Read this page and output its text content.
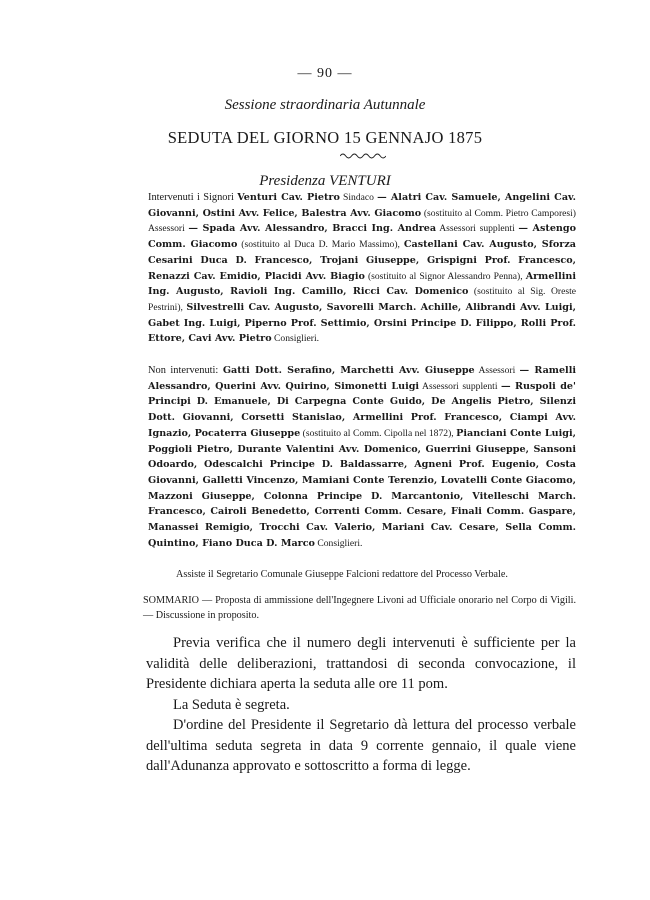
— 90 —
Sessione straordinaria Autunnale
SEDUTA DEL GIORNO 15 GENNAJO 1875
Presidenza VENTURI
Intervenuti i Signori Venturi Cav. Pietro Sindaco — Alatri Cav. Samuele, Angelini Cav. Giovanni, Ostini Avv. Felice, Balestra Avv. Giacomo (sostituito al Comm. Pietro Camporesi) Assessori — Spada Avv. Alessandro, Bracci Ing. Andrea Assessori supplenti — Astengo Comm. Giacomo (sostituito al Duca D. Mario Massimo), Castellani Cav. Augusto, Sforza Cesarini Duca D. Francesco, Trojani Giuseppe, Grispigni Prof. Francesco, Renazzi Cav. Emidio, Placidi Avv. Biagio (sostituito al Signor Alessandro Penna), Armellini Ing. Augusto, Ravioli Ing. Camillo, Ricci Cav. Domenico (sostituito al Sig. Oreste Pestrini), Silvestrelli Cav. Augusto, Savorelli March. Achille, Alibrandi Avv. Luigi, Gabet Ing. Luigi, Piperno Prof. Settimio, Orsini Principe D. Filippo, Rolli Prof. Ettore, Cavi Avv. Pietro Consiglieri.
Non intervenuti: Gatti Dott. Serafino, Marchetti Avv. Giuseppe Assessori — Ramelli Alessandro, Querini Avv. Quirino, Simonetti Luigi Assessori supplenti — Ruspoli de' Principi D. Emanuele, Di Carpegna Conte Guido, De Angelis Pietro, Silenzi Dott. Giovanni, Corsetti Stanislao, Armellini Prof. Francesco, Ciampi Avv. Ignazio, Pocaterra Giuseppe (sostituito al Comm. Cipolla nel 1872), Pianciani Conte Luigi, Poggioli Pietro, Durante Valentini Avv. Domenico, Guerrini Giuseppe, Sansoni Odoardo, Odescalchi Principe D. Baldassarre, Agneni Prof. Eugenio, Costa Giovanni, Galletti Vincenzo, Mamiani Conte Terenzio, Lovatelli Conte Giacomo, Mazzoni Giuseppe, Colonna Principe D. Marcantonio, Vitelleschi March. Francesco, Cairoli Benedetto, Correnti Comm. Cesare, Finali Comm. Gaspare, Manassei Remigio, Trocchi Cav. Valerio, Mariani Cav. Cesare, Sella Comm. Quintino, Fiano Duca D. Marco Consiglieri.
Assiste il Segretario Comunale Giuseppe Falcioni redattore del Processo Verbale.
SOMMARIO — Proposta di ammissione dell'Ingegnere Livoni ad Ufficiale onorario nel Corpo di Vigili. — Discussione in proposito.

Previa verifica che il numero degli intervenuti è sufficiente per la validità delle deliberazioni, trattandosi di seconda convocazione, il Presidente dichiara aperta la seduta alle ore 11 pom.

La Seduta è segreta.

D'ordine del Presidente il Segretario dà lettura del processo verbale dell'ultima seduta segreta in data 9 corrente gennaio, il quale viene dall'Adunanza approvato e sottoscritto a forma di legge.
